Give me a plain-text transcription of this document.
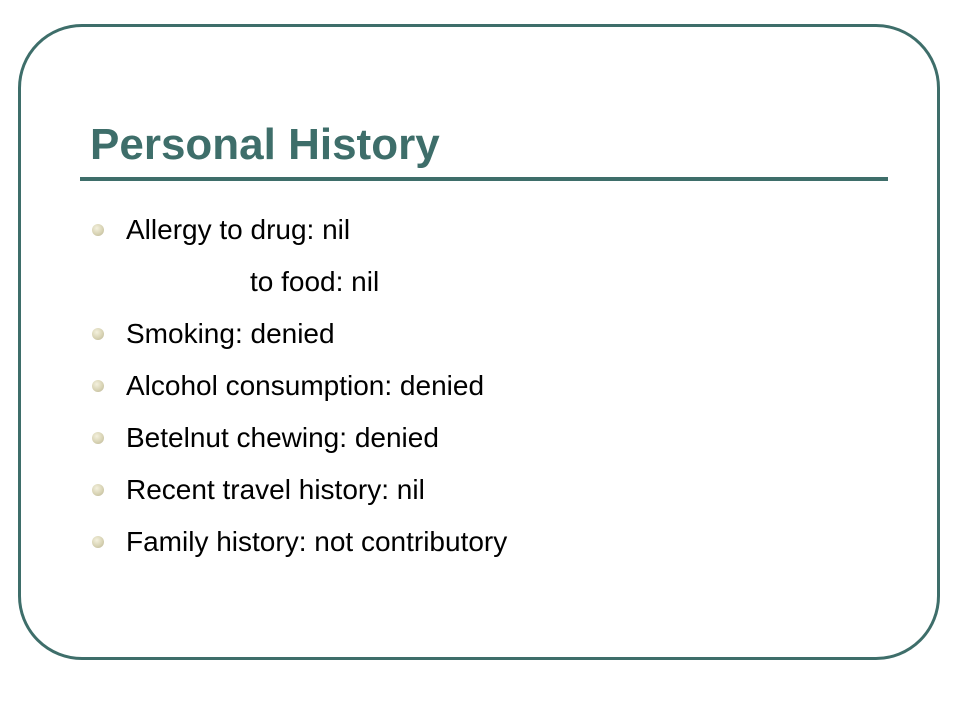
Personal History
Allergy to drug: nil
to food: nil
Smoking: denied
Alcohol consumption: denied
Betelnut chewing: denied
Recent travel history: nil
Family history: not contributory
